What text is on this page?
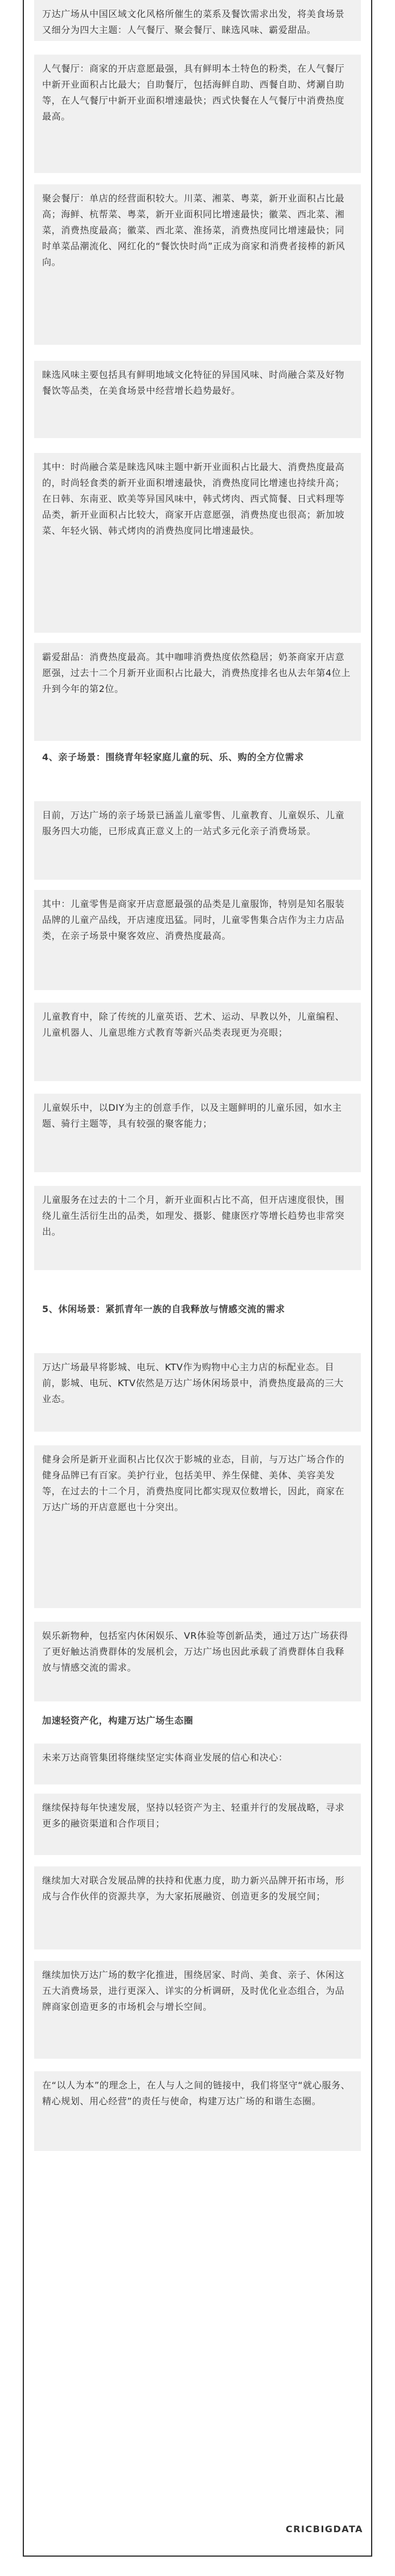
CRICBIGDATA
万达广场从中国区域文化风格所催生的菜系及餐饮需求出发，将美食场景又细分为四大主题：人气餐厅、聚会餐厅、睐选风味、霸爱甜品。
人气餐厅：商家的开店意愿最强，具有鲜明本土特色的粉类，在人气餐厅中新开业面积占比最大；自助餐厅，包括海鲜自助、西餐自助、烤涮自助等，在人气餐厅中新开业面积增速最快；西式快餐在人气餐厅中消费热度最高。
聚会餐厅：单店的经营面积较大。川菜、湘菜、粤菜，新开业面积占比最高；海鲜、杭帮菜、粤菜，新开业面积同比增速最快；徽菜、西北菜、湘菜，消费热度最高；徽菜、西北菜、淮扬菜，消费热度同比增速最快；同时单菜品潮流化、网红化的“餐饮快时尚”正成为商家和消费者接棒的新风向。
睐选风味主要包括具有鲜明地域文化特征的异国风味、时尚融合菜及好物餐饮等品类，在美食场景中经营增长趋势最好。
其中：时尚融合菜是睐选风味主题中新开业面积占比最大、消费热度最高的，时尚轻食类的新开业面积增速最快，消费热度同比增速也持续升高；在日韩、东南亚、欧美等异国风味中，韩式烤肉、西式简餐、日式料理等品类，新开业面积占比较大，商家开店意愿强，消费热度也很高；新加坡菜、年轻火锅、韩式烤肉的消费热度同比增速最快。
霸爱甜品：消费热度最高。其中咖啡消费热度依然稳居；奶茶商家开店意愿强，过去十二个月新开业面积占比最大，消费热度排名也从去年第4位上升到今年的第2位。
4、亲子场景：围绕青年轻家庭儿童的玩、乐、购的全方位需求
目前，万达广场的亲子场景已涵盖儿童零售、儿童教育、儿童娱乐、儿童服务四大功能，已形成真正意义上的一站式多元化亲子消费场景。
其中：儿童零售是商家开店意愿最强的品类是儿童服饰，特别是知名服装品牌的儿童产品线，开店速度迅猛。同时，儿童零售集合店作为主力店品类，在亲子场景中聚客效应、消费热度最高。
儿童教育中，除了传统的儿童英语、艺术、运动、早教以外，儿童编程、儿童机器人、儿童思维方式教育等新兴品类表现更为亮眼；
儿童娱乐中，以DIY为主的创意手作，以及主题鲜明的儿童乐园，如水主题、骑行主题等，具有较强的聚客能力；
儿童服务在过去的十二个月，新开业面积占比不高，但开店速度很快，围绕儿童生活衍生出的品类，如理发、摄影、健康医疗等增长趋势也非常突出。
5、休闲场景：紧抓青年一族的自我释放与情感交流的需求
万达广场最早将影城、电玩、KTV作为购物中心主力店的标配业态。目前，影城、电玩、KTV依然是万达广场休闲场景中，消费热度最高的三大业态。
健身会所是新开业面积占比仅次于影城的业态，目前，与万达广场合作的健身品牌已有百家。美护行业，包括美甲、养生保健、美体、美容美发等，在过去的十二个月，消费热度同比都实现双位数增长，因此，商家在万达广场的开店意愿也十分突出。
娱乐新物种，包括室内休闲娱乐、VR体验等创新品类，通过万达广场获得了更好触达消费群体的发展机会，万达广场也因此承载了消费群体自我释放与情感交流的需求。
加速轻资产化，构建万达广场生态圈
未来万达商管集团将继续坚定实体商业发展的信心和决心：
继续保持每年快速发展，坚持以轻资产为主、轻重并行的发展战略，寻求更多的融资渠道和合作项目；
继续加大对联合发展品牌的扶持和优惠力度，助力新兴品牌开拓市场，形成与合作伙伴的资源共享，为大家拓展融资、创造更多的发展空间；
继续加快万达广场的数字化推进，围绕居家、时尚、美食、亲子、休闲这五大消费场景，进行更深入、详实的分析调研，及时优化业态组合，为品牌商家创造更多的市场机会与增长空间。
在“以人为本”的理念上，在人与人之间的链接中，我们将坚守“就心服务、精心规划、用心经营”的责任与使命，构建万达广场的和谐生态圈。
